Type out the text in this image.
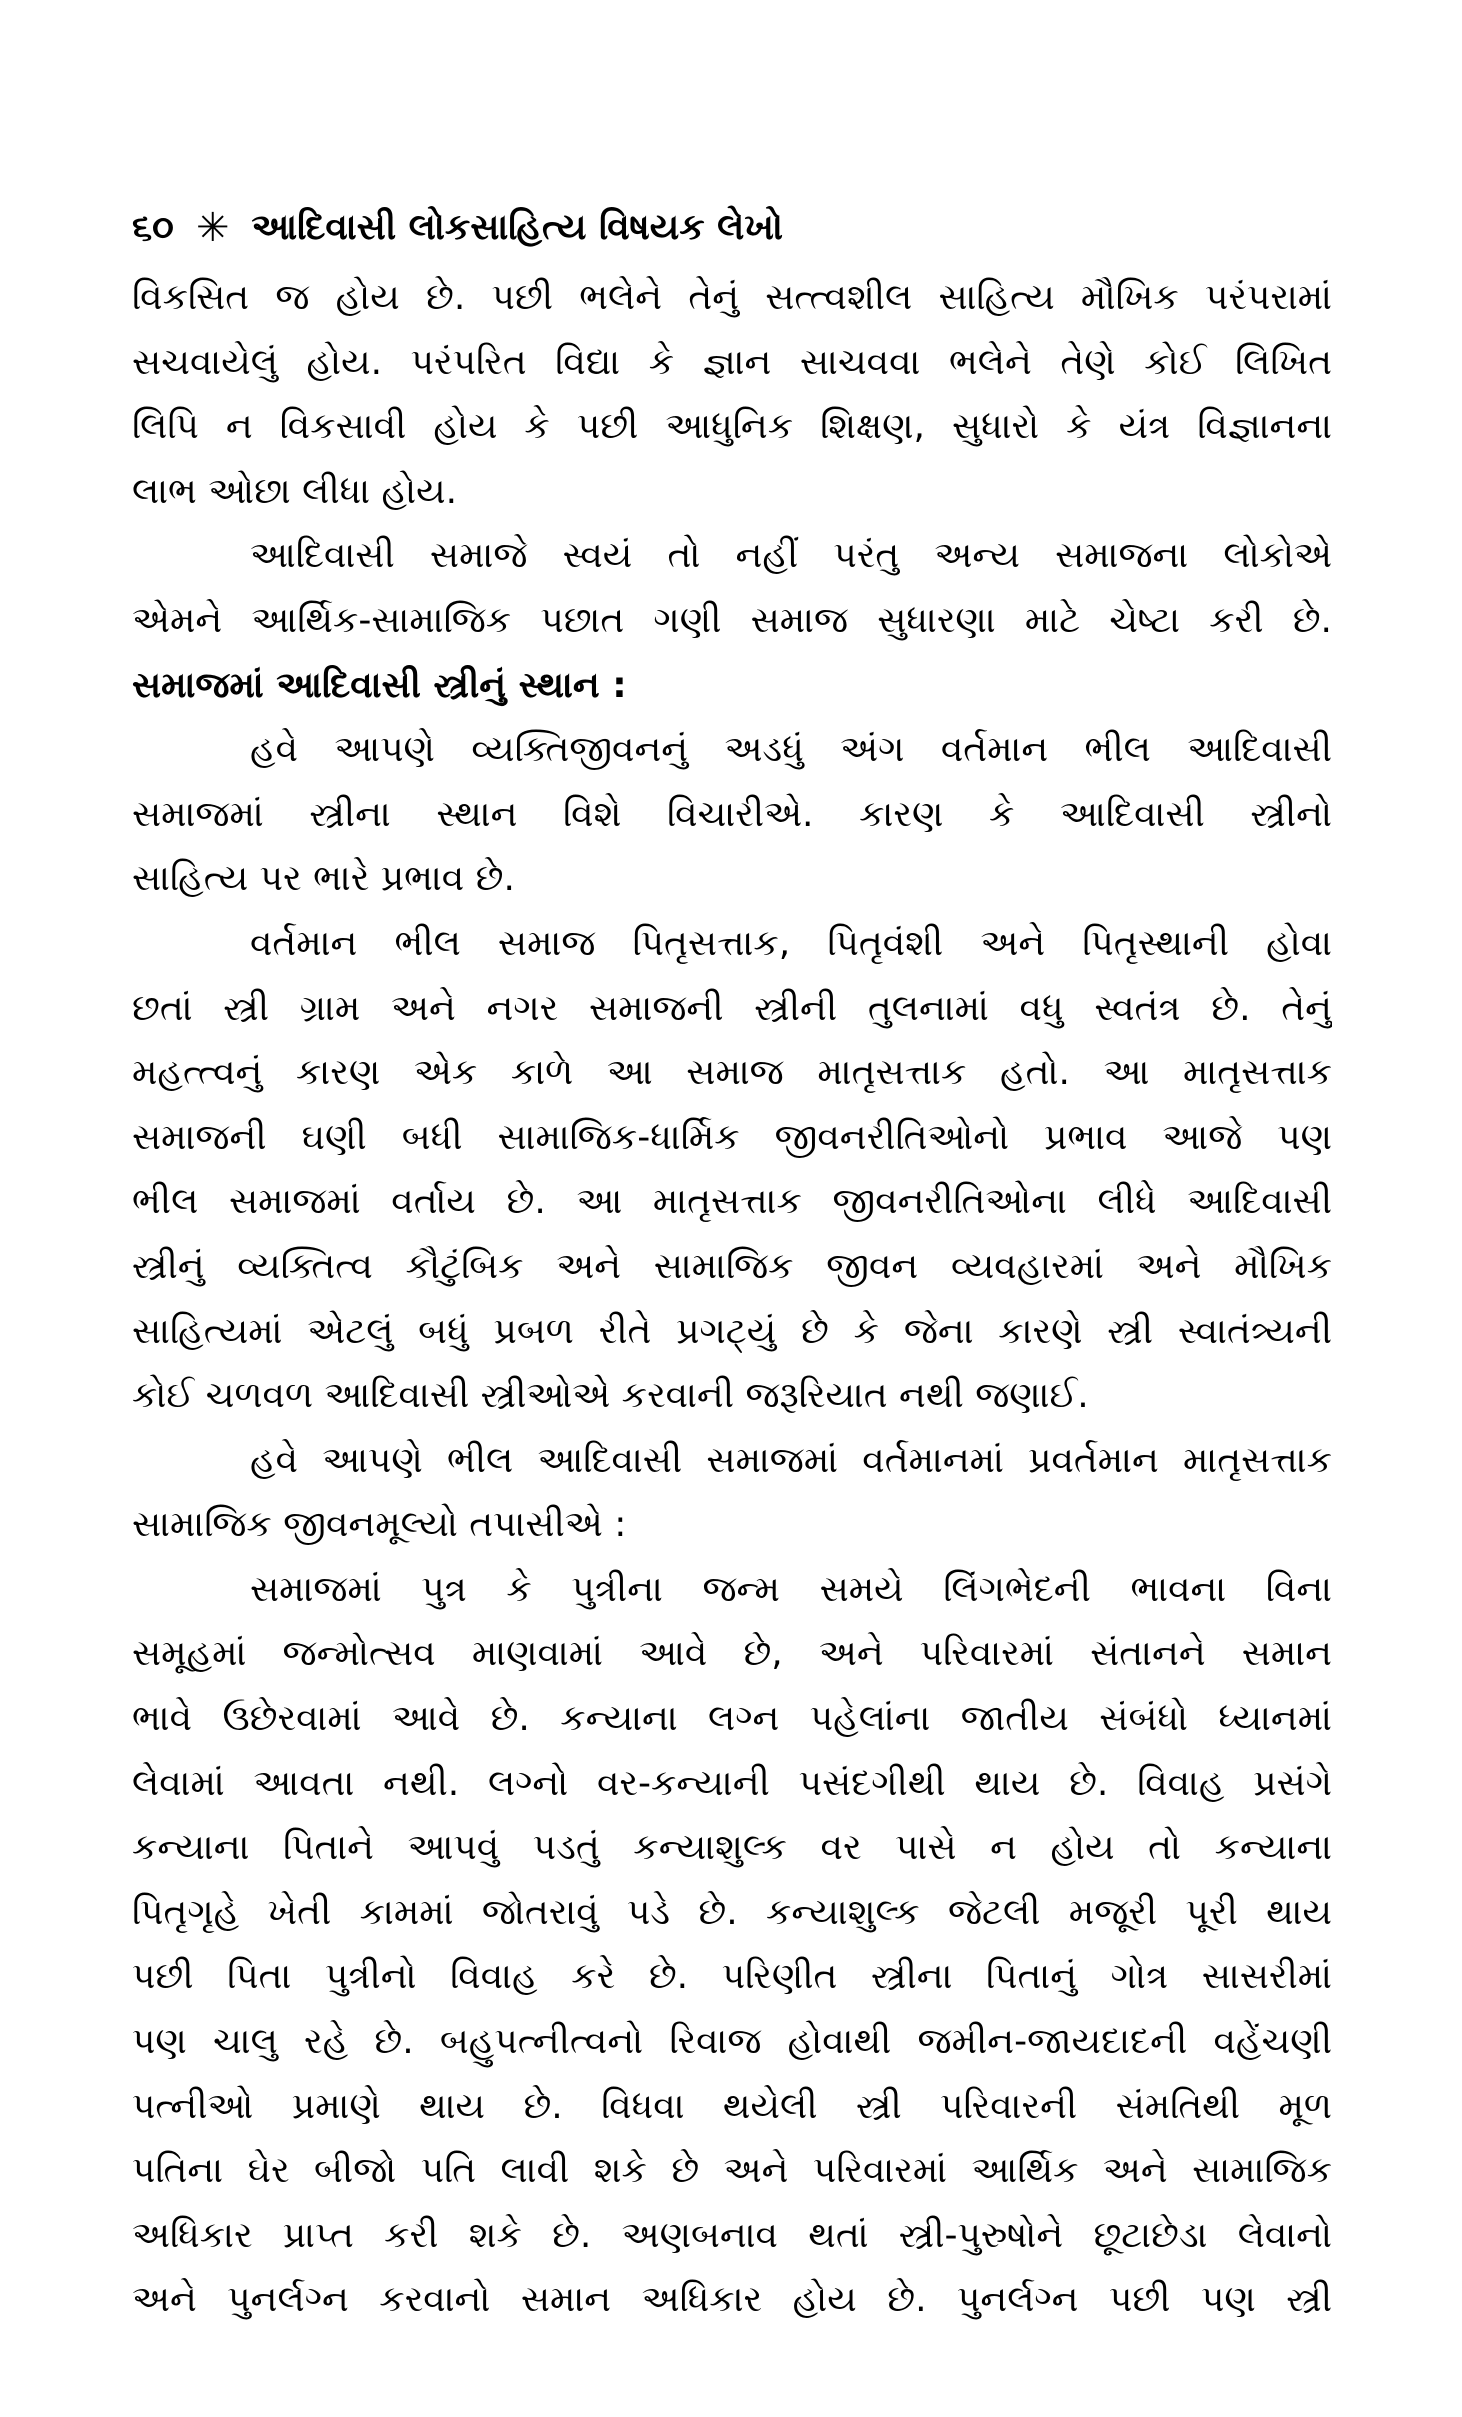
૬૦ ✳ આદિવાસી લોકસાહિત્ય વિષયક લેખો
વિકસિત જ હોય છે. પછી ભલેને તેનું સત્ત્વશીલ સાહિત્ય મૌખિક પરંપરામાં
સચવાયેલું હોય. પરંપરિત વિદ્યા કે જ્ઞાન સાચવવા ભલેને તેણે કોઈ લિખિત
લિપિ ન વિકસાવી હોય કે પછી આધુનિક શિક્ષણ, સુધારો કે યંત્ર વિજ્ઞાનના
લાભ ઓછા લીધા હોય.
આદિવાસી સમાજે સ્વયં તો નહીં પરંતુ અન્ય સમાજના લોકોએ
એમને આર્થિક-સામાજિક પછાત ગણી સમાજ સુધારણા માટે ચેષ્ટા કરી છે.
સમાજમાં આદિવાસી સ્ત્રીનું સ્થાન :
હવે આપણે વ્યક્તિજીવનનું અડધું અંગ વર્તમાન ભીલ આદિવાસી
સમાજમાં સ્ત્રીના સ્થાન વિશે વિચારીએ. કારણ કે આદિવાસી સ્ત્રીનો
સાહિત્ય પર ભારે પ્રભાવ છે.
વર્તમાન ભીલ સમાજ પિતૃસત્તાક, પિતૃવંશી અને પિતૃસ્થાની હોવા
છતાં સ્ત્રી ગ્રામ અને નગર સમાજની સ્ત્રીની તુલનામાં વધુ સ્વતંત્ર છે. તેનું
મહત્ત્વનું કારણ એક કાળે આ સમાજ માતૃસત્તાક હતો. આ માતૃસત્તાક
સમાજની ઘણી બધી સામાજિક-ધાર્મિક જીવનરીતિઓનો પ્રભાવ આજે પણ
ભીલ સમાજમાં વર્તાય છે. આ માતૃસત્તાક જીવનરીતિઓના લીધે આદિવાસી
સ્ત્રીનું વ્યક્તિત્વ કૌટુંબિક અને સામાજિક જીવન વ્યવહારમાં અને મૌખિક
સાહિત્યમાં એટલું બધું પ્રબળ રીતે પ્રગટ્યું છે કે જેના કારણે સ્ત્રી સ્વાતંત્ર્યની
કોઈ ચળવળ આદિવાસી સ્ત્રીઓએ કરવાની જરૂરિયાત નથી જણાઈ.
હવે આપણે ભીલ આદિવાસી સમાજમાં વર્તમાનમાં પ્રવર્તમાન માતૃસત્તાક
સામાજિક જીવનમૂલ્યો તપાસીએ :
સમાજમાં પુત્ર કે પુત્રીના જન્મ સમયે લિંગભેદની ભાવના વિના
સમૂહમાં જન્મોત્સવ માણવામાં આવે છે, અને પરિવારમાં સંતાનને સમાન
ભાવે ઉછેરવામાં આવે છે. કન્યાના લગ્ન પહેલાંના જાતીય સંબંધો ધ્યાનમાં
લેવામાં આવતા નથી. લગ્નો વર-કન્યાની પસંદગીથી થાય છે. વિવાહ પ્રસંગે
કન્યાના પિતાને આપવું પડતું કન્યાશુલ્ક વર પાસે ન હોય તો કન્યાના
પિતૃગૃહે ખેતી કામમાં જોતરાવું પડે છે. કન્યાશુલ્ક જેટલી મજૂરી પૂરી થાય
પછી પિતા પુત્રીનો વિવાહ કરે છે. પરિણીત સ્ત્રીના પિતાનું ગોત્ર સાસરીમાં
પણ ચાલુ રહે છે. બહુપત્નીત્વનો રિવાજ હોવાથી જમીન-જાયદાદની વહેંચણી
પત્નીઓ પ્રમાણે થાય છે. વિધવા થયેલી સ્ત્રી પરિવારની સંમતિથી મૂળ
પતિના ઘેર બીજો પતિ લાવી શકે છે અને પરિવારમાં આર્થિક અને સામાજિક
અધિકાર પ્રાપ્ત કરી શકે છે. અણબનાવ થતાં સ્ત્રી-પુરુષોને છૂટાછેડા લેવાનો
અને પુનર્લગ્ન કરવાનો સમાન અધિકાર હોય છે. પુનર્લગ્ન પછી પણ સ્ત્રી
